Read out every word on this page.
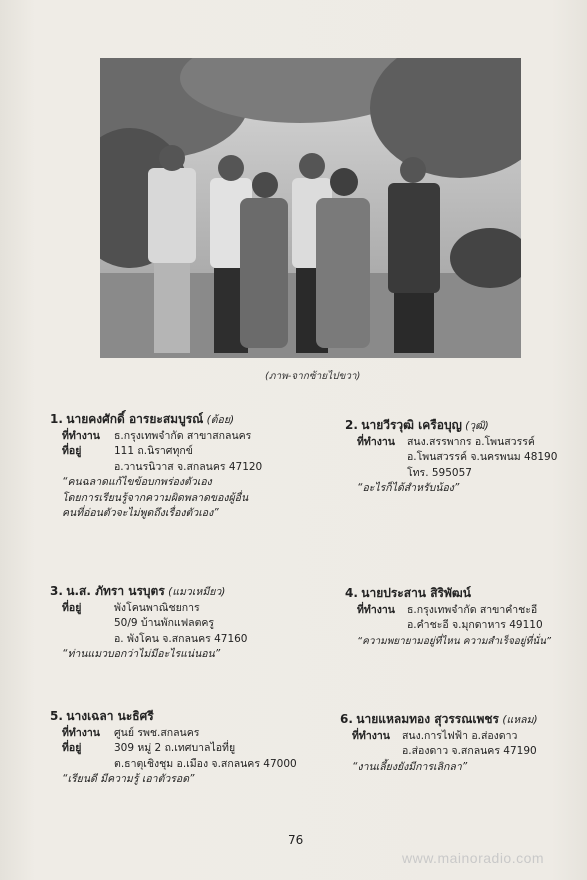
(ภาพ-จากซ้ายไปขวา)
1. นายคงศักดิ์ อารยะสมบูรณ์ (ต้อย)
ที่ทำงาน ธ.กรุงเทพจำกัด สาขาสกลนคร
ที่อยู่	111 ถ.นิราศทุกข์
อ.วานรนิวาส จ.สกลนคร 47120
“คนฉลาดแก้ไขข้อบกพร่องตัวเอง
โดยการเรียนรู้จากความผิดพลาดของผู้อื่น
คนที่อ่อนตัวจะไม่พูดถึงเรื่องตัวเอง”
2. นายวีรวุฒิ เครือบุญ (วุฒิ)
ที่ทำงาน สนง.สรรพากร อ.โพนสวรรค์
อ.โพนสวรรค์ จ.นครพนม 48190
โทร. 595057
“อะไรก็ได้สำหรับน้อง”
3. น.ส. ภัทรา นรบุตร (แมวเหมียว)
ที่อยู่	พังโคนพาณิชยการ
50/9 บ้านพักแฟลตครู
อ. พังโคน จ.สกลนคร 47160
“ท่านแมวบอกว่าไม่มีอะไรแน่นอน”
4. นายประสาน สิริพัฒน์
ที่ทำงาน ธ.กรุงเทพจำกัด สาขาคำชะอี
อ.คำชะอี จ.มุกดาหาร 49110
“ความพยายามอยู่ที่ไหน ความสำเร็จอยู่ที่นั่น”
5. นางเฉลา นะธิศรี
ที่ทำงาน ศูนย์ รพช.สกลนคร
ที่อยู่	309 หมู่ 2 ถ.เทศบาลไอที่ยู
ต.ธาตุเชิงชุม อ.เมือง จ.สกลนคร 47000
“เรียนดี มีความรู้ เอาตัวรอด”
6. นายแหลมทอง สุวรรณเพชร (แหลม)
ที่ทำงาน สนง.การไฟฟ้า อ.ส่องดาว
อ.ส่องดาว จ.สกลนคร 47190
“งานเลี้ยงยังมีการเลิกลา”
76
www.mainoradio.com
